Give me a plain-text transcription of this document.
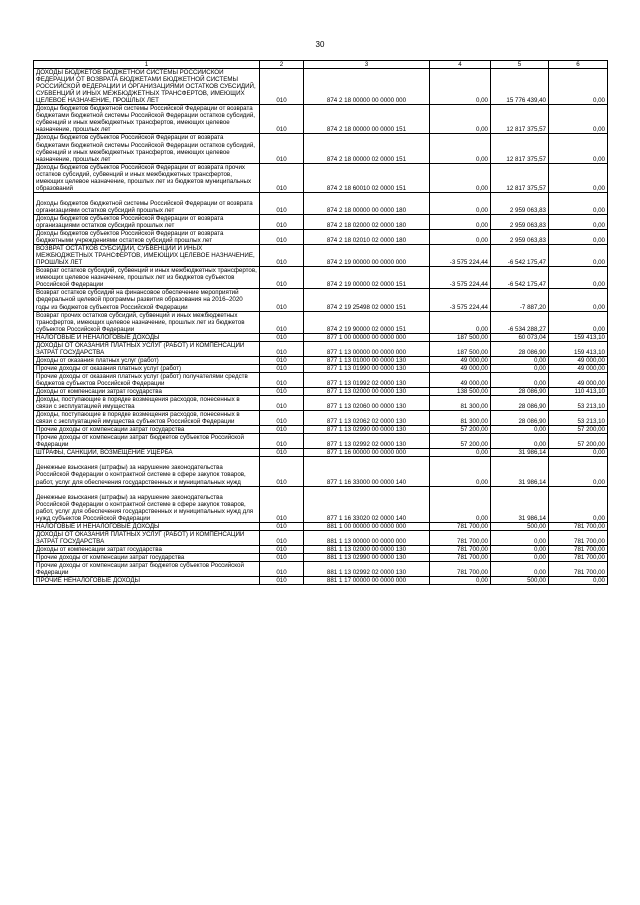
30
1	2	3	4	5	6

ДОХОДЫ БЮДЖЕТОВ БЮДЖЕТНОЙ СИСТЕМЫ РОССИЙСКОЙ ФЕДЕРАЦИИ ОТ ВОЗВРАТА БЮДЖЕТАМИ БЮДЖЕТНОЙ СИСТЕМЫ РОССИЙСКОЙ ФЕДЕРАЦИИ И ОРГАНИЗАЦИЯМИ ОСТАТКОВ СУБСИДИЙ, СУБВЕНЦИЙ И ИНЫХ МЕЖБЮДЖЕТНЫХ ТРАНСФЕРТОВ, ИМЕЮЩИХ ЦЕЛЕВОЕ НАЗНАЧЕНИЕ, ПРОШЛЫХ ЛЕТ	010	874 2 18 00000 00 0000 000	0,00	15 776 439,40	0,00

Доходы бюджетов бюджетной системы Российской Федерации от возврата бюджетами бюджетной системы Российской Федерации остатков субсидий, субвенций и иных межбюджетных трансфертов, имеющих целевое назначение, прошлых лет	010	874 2 18 00000 00 0000 151	0,00	12 817 375,57	0,00

Доходы бюджетов субъектов Российской Федерации от возврата бюджетами бюджетной системы Российской Федерации остатков субсидий, субвенций и иных межбюджетных трансфертов, имеющих целевое назначение, прошлых лет	010	874 2 18 00000 02 0000 151	0,00	12 817 375,57	0,00

Доходы бюджетов субъектов Российской Федерации от возврата прочих остатков субсидий, субвенций и иных межбюджетных трансфертов, имеющих целевое назначение, прошлых лет из бюджетов муниципальных образований	010	874 2 18 60010 02 0000 151	0,00	12 817 375,57	0,00

Доходы бюджетов бюджетной системы Российской Федерации от возврата организациями остатков субсидий прошлых лет	010	874 2 18 00000 00 0000 180	0,00	2 959 063,83	0,00

Доходы бюджетов субъектов Российской Федерации от возврата организациями остатков субсидий прошлых лет	010	874 2 18 02000 02 0000 180	0,00	2 959 063,83	0,00

Доходы бюджетов субъектов Российской Федерации от возврата бюджетными учреждениями остатков субсидий прошлых лет	010	874 2 18 02010 02 0000 180	0,00	2 959 063,83	0,00

ВОЗВРАТ ОСТАТКОВ СУБСИДИЙ, СУБВЕНЦИЙ И ИНЫХ МЕЖБЮДЖЕТНЫХ ТРАНСФЕРТОВ, ИМЕЮЩИХ ЦЕЛЕВОЕ НАЗНАЧЕНИЕ, ПРОШЛЫХ ЛЕТ	010	874 2 19 00000 00 0000 000	-3 575 224,44	-6 542 175,47	0,00

Возврат остатков субсидий, субвенций и иных межбюджетных трансфертов, имеющих целевое назначение, прошлых лет из бюджетов субъектов Российской Федерации	010	874 2 19 00000 02 0000 151	-3 575 224,44	-6 542 175,47	0,00

Возврат остатков субсидий на финансовое обеспечение мероприятий федеральной целевой программы развития образования на 2016–2020 годы из бюджетов субъектов Российской Федерации	010	874 2 19 25498 02 0000 151	-3 575 224,44	-7 887,20	0,00

Возврат прочих остатков субсидий, субвенций и иных межбюджетных трансфертов, имеющих целевое назначение, прошлых лет из бюджетов субъектов Российской Федерации	010	874 2 19 90000 02 0000 151	0,00	-6 534 288,27	0,00

НАЛОГОВЫЕ И НЕНАЛОГОВЫЕ ДОХОДЫ	010	877 1 00 00000 00 0000 000	187 500,00	60 073,04	159 413,10

ДОХОДЫ ОТ ОКАЗАНИЯ ПЛАТНЫХ УСЛУГ (РАБОТ) И КОМПЕНСАЦИИ ЗАТРАТ ГОСУДАРСТВА	010	877 1 13 00000 00 0000 000	187 500,00	28 086,90	159 413,10

Доходы от оказания платных услуг (работ)	010	877 1 13 01000 00 0000 130	49 000,00	0,00	49 000,00

Прочие доходы от оказания платных услуг (работ)	010	877 1 13 01990 00 0000 130	49 000,00	0,00	49 000,00

Прочие доходы от оказания платных услуг (работ) получателями средств бюджетов субъектов Российской Федерации	010	877 1 13 01992 02 0000 130	49 000,00	0,00	49 000,00

Доходы от компенсации затрат государства	010	877 1 13 02000 00 0000 130	138 500,00	28 086,90	110 413,10

Доходы, поступающие в порядке возмещения расходов, понесенных в связи с эксплуатацией имущества	010	877 1 13 02060 00 0000 130	81 300,00	28 086,90	53 213,10

Доходы, поступающие в порядке возмещения расходов, понесенных в связи с эксплуатацией имущества субъектов Российской Федерации	010	877 1 13 02062 02 0000 130	81 300,00	28 086,90	53 213,10

Прочие доходы от компенсации затрат государства	010	877 1 13 02990 00 0000 130	57 200,00	0,00	57 200,00

Прочие доходы от компенсации затрат бюджетов субъектов Российской Федерации	010	877 1 13 02992 02 0000 130	57 200,00	0,00	57 200,00

ШТРАФЫ, САНКЦИИ, ВОЗМЕЩЕНИЕ УЩЕРБА	010	877 1 16 00000 00 0000 000	0,00	31 986,14	0,00

Денежные взыскания (штрафы) за нарушение законодательства Российской Федерации о контрактной системе в сфере закупок товаров, работ, услуг для обеспечения государственных и муниципальных нужд	010	877 1 16 33000 00 0000 140	0,00	31 986,14	0,00

Денежные взыскания (штрафы) за нарушение законодательства Российской Федерации о контрактной системе в сфере закупок товаров, работ, услуг для обеспечения государственных и муниципальных нужд для нужд субъектов Российской Федерации	010	877 1 16 33020 02 0000 140	0,00	31 986,14	0,00

НАЛОГОВЫЕ И НЕНАЛОГОВЫЕ ДОХОДЫ	010	881 1 00 00000 00 0000 000	781 700,00	500,00	781 700,00

ДОХОДЫ ОТ ОКАЗАНИЯ ПЛАТНЫХ УСЛУГ (РАБОТ) И КОМПЕНСАЦИИ ЗАТРАТ ГОСУДАРСТВА	010	881 1 13 00000 00 0000 000	781 700,00	0,00	781 700,00

Доходы от компенсации затрат государства	010	881 1 13 02000 00 0000 130	781 700,00	0,00	781 700,00

Прочие доходы от компенсации затрат государства	010	881 1 13 02990 00 0000 130	781 700,00	0,00	781 700,00

Прочие доходы от компенсации затрат бюджетов субъектов Российской Федерации	010	881 1 13 02992 02 0000 130	781 700,00	0,00	781 700,00

ПРОЧИЕ НЕНАЛОГОВЫЕ ДОХОДЫ	010	881 1 17 00000 00 0000 000	0,00	500,00	0,00
